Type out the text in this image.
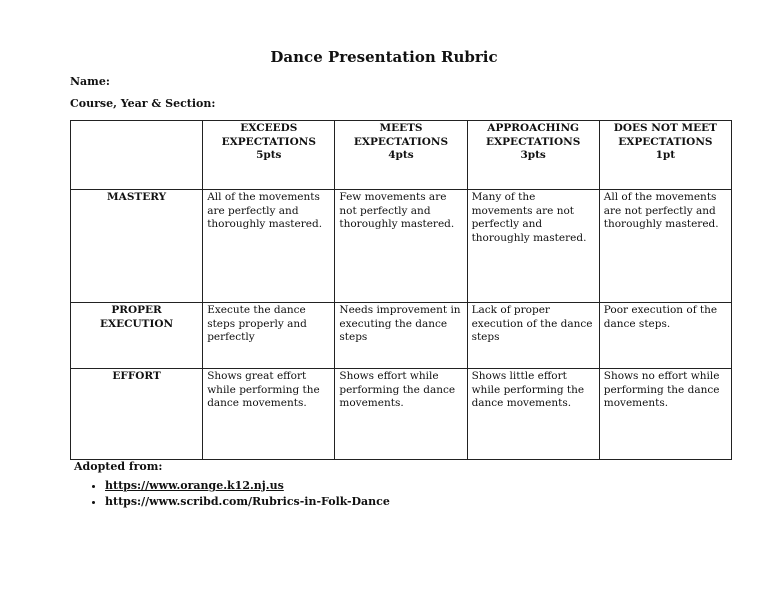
Dance Presentation Rubric
Name:
Course, Year & Section:
	EXCEEDS
EXPECTATIONS
5pts	MEETS
EXPECTATIONS
4pts	APPROACHING
EXPECTATIONS
3pts	DOES NOT MEET
EXPECTATIONS
1pt
MASTERY	All of the movements are perfectly and thoroughly mastered.	Few movements are not perfectly and thoroughly mastered.	Many of the movements are not perfectly and thoroughly mastered.	All of the movements are not perfectly and thoroughly mastered.
PROPER
EXECUTION	Execute the dance steps properly and perfectly	Needs improvement in executing the dance steps	Lack of proper execution of the dance steps	Poor execution of the dance steps.
EFFORT	Shows great effort while performing the dance movements.	Shows effort while performing the dance movements.	Shows little effort while performing the dance movements.	Shows no effort while performing the dance movements.
Adopted from:
• https://www.orange.k12.nj.us
• https://www.scribd.com/Rubrics-in-Folk-Dance
